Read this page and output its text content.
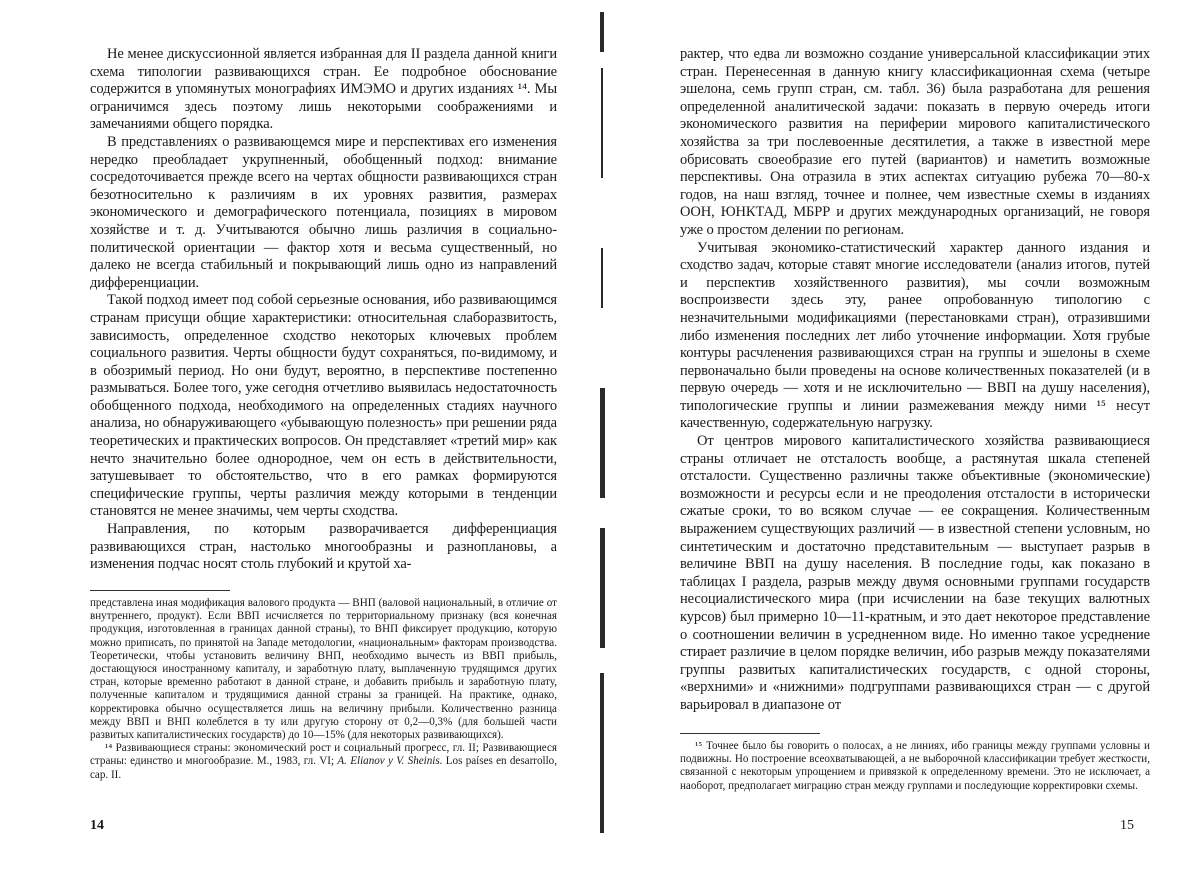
Не менее дискуссионной является избранная для II раздела данной книги схема типологии развивающихся стран. Ее подробное обоснование содержится в упомянутых монографиях ИМЭМО и других изданиях ¹⁴. Мы ограничимся здесь поэтому лишь некоторыми соображениями и замечаниями общего порядка.

В представлениях о развивающемся мире и перспективах его изменения нередко преобладает укрупненный, обобщенный подход: внимание сосредоточивается прежде всего на чертах общности развивающихся стран безотносительно к различиям в их уровнях развития, размерах экономического и демографического потенциала, позициях в мировом хозяйстве и т. д. Учитываются обычно лишь различия в социально-политической ориентации — фактор хотя и весьма существенный, но далеко не всегда стабильный и покрывающий лишь одно из направлений дифференциации.

Такой подход имеет под собой серьезные основания, ибо развивающимся странам присущи общие характеристики: относительная слаборазвитость, зависимость, определенное сходство некоторых ключевых проблем социального развития. Черты общности будут сохраняться, по-видимому, и в обозримый период. Но они будут, вероятно, в перспективе постепенно размываться. Более того, уже сегодня отчетливо выявилась недостаточность обобщенного подхода, необходимого на определенных стадиях научного анализа, но обнаруживающего «убывающую полезность» при решении ряда теоретических и практических вопросов. Он представляет «третий мир» как нечто значительно более однородное, чем он есть в действительности, затушевывает то обстоятельство, что в его рамках формируются специфические группы, черты различия между которыми в тенденции становятся не менее значимы, чем черты сходства.

Направления, по которым разворачивается дифференциация развивающихся стран, настолько многообразны и разноплановы, а изменения подчас носят столь глубокий и крутой ха-

представлена иная модификация валового продукта — ВНП (валовой национальный, в отличие от внутреннего, продукт). Если ВВП исчисляется по территориальному признаку (вся конечная продукция, изготовленная в границах данной страны), то ВНП фиксирует продукцию, которую можно приписать, по принятой на Западе методологии, «национальным» факторам производства. Теоретически, чтобы установить величину ВНП, необходимо вычесть из ВВП прибыль, достающуюся иностранному капиталу, и заработную плату, выплаченную трудящимся других стран, которые временно работают в данной стране, и добавить прибыль и заработную плату, полученные капиталом и трудящимися данной страны за границей. На практике, однако, корректировка обычно осуществляется лишь на величину прибыли. Количественно разница между ВВП и ВНП колеблется в ту или другую сторону от 0,2—0,3% (для большей части развитых капиталистических государств) до 10—15% (для некоторых развивающихся).

¹⁴ Развивающиеся страны: экономический рост и социальный прогресс, гл. II; Развивающиеся страны: единство и многообразие. М., 1983, гл. VI; A. Elianov y V. Sheinis. Los países en desarrollo, cap. II.

14

рактер, что едва ли возможно создание универсальной классификации этих стран. Перенесенная в данную книгу классификационная схема (четыре эшелона, семь групп стран, см. табл. 36) была разработана для решения определенной аналитической задачи: показать в первую очередь итоги экономического развития на периферии мирового капиталистического хозяйства за три послевоенные десятилетия, а также в известной мере обрисовать своеобразие его путей (вариантов) и наметить возможные перспективы. Она отразила в этих аспектах ситуацию рубежа 70—80-х годов, на наш взгляд, точнее и полнее, чем известные схемы в изданиях ООН, ЮНКТАД, МБРР и других международных организаций, не говоря уже о простом делении по регионам.

Учитывая экономико-статистический характер данного издания и сходство задач, которые ставят многие исследователи (анализ итогов, путей и перспектив хозяйственного развития), мы сочли возможным воспроизвести здесь эту, ранее опробованную типологию с незначительными модификациями (перестановками стран), отразившими либо изменения последних лет либо уточнение информации. Хотя грубые контуры расчленения развивающихся стран на группы и эшелоны в схеме первоначально были проведены на основе количественных показателей (и в первую очередь — хотя и не исключительно — ВВП на душу населения), типологические группы и линии размежевания между ними ¹⁵ несут качественную, содержательную нагрузку.

От центров мирового капиталистического хозяйства развивающиеся страны отличает не отсталость вообще, а растянутая шкала степеней отсталости. Существенно различны также объективные (экономические) возможности и ресурсы если и не преодоления отсталости в исторически сжатые сроки, то во всяком случае — ее сокращения. Количественным выражением существующих различий — в известной степени условным, но синтетическим и достаточно представительным — выступает разрыв в величине ВВП на душу населения. В последние годы, как показано в таблицах I раздела, разрыв между двумя основными группами государств несоциалистического мира (при исчислении на базе текущих валютных курсов) был примерно 10—11-кратным, и это дает некоторое представление о соотношении величин в усредненном виде. Но именно такое усреднение стирает различие в целом порядке величин, ибо разрыв между показателями группы развитых капиталистических государств, с одной стороны, «верхними» и «нижними» подгруппами развивающихся стран — с другой варьировал в диапазоне от

¹⁵ Точнее было бы говорить о полосах, а не линиях, ибо границы между группами условны и подвижны. Но построение всеохватывающей, а не выборочной классификации требует жесткости, связанной с некоторым упрощением и привязкой к определенному времени. Это не исключает, а наоборот, предполагает миграцию стран между группами и последующие корректировки схемы.

15
